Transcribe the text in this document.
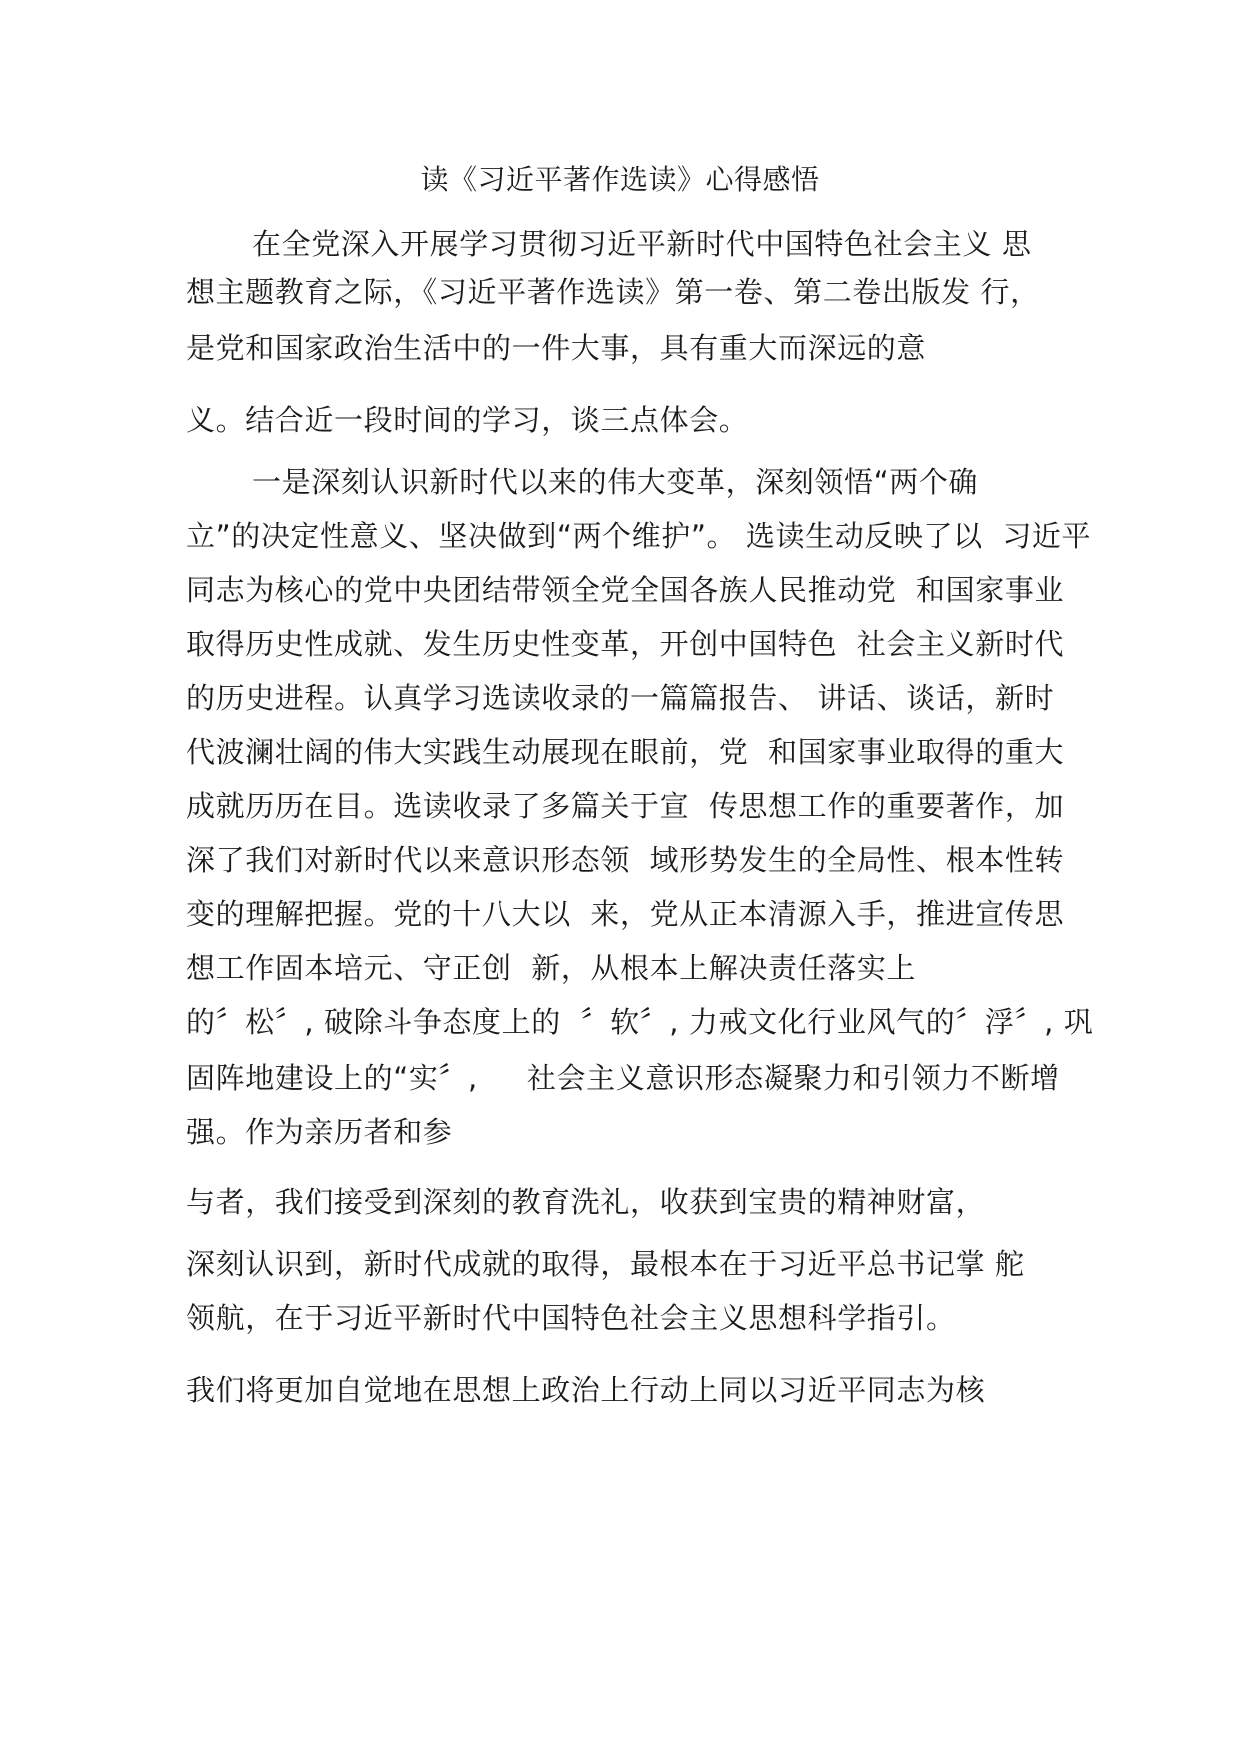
读《习近平著作选读》心得感悟
在全党深入开展学习贯彻习近平新时代中国特色社会主义 思
想主题教育之际，《习近平著作选读》第一卷、第二卷出版发 行，
是党和国家政治生活中的一件大事，具有重大而深远的意
义。结合近一段时间的学习，谈三点体会。
一是深刻认识新时代以来的伟大变革，深刻领悟“两个确
立”的决定性意义、坚决做到“两个维护”。 选读生动反映了以  习近平
同志为核心的党中央团结带领全党全国各族人民推动党  和国家事业
取得历史性成就、发生历史性变革，开创中国特色  社会主义新时代
的历史进程。认真学习选读收录的一篇篇报告、 讲话、谈话，新时
代波澜壮阔的伟大实践生动展现在眼前，党  和国家事业取得的重大
成就历历在目。选读收录了多篇关于宣  传思想工作的重要著作，加
深了我们对新时代以来意识形态领  域形势发生的全局性、根本性转
变的理解把握。党的十八大以  来，党从正本清源入手，推进宣传思
想工作固本培元、守正创  新，从根本上解决责任落实上
的〞松〞, 破除斗争态度上的  〞软〞, 力戒文化行业风气的〞浮〞, 巩
固阵地建设上的“实〞,     社会主义意识形态凝聚力和引领力不断增
强。作为亲历者和参
与者，我们接受到深刻的教育洗礼，收获到宝贵的精神财富，
深刻认识到，新时代成就的取得，最根本在于习近平总书记掌 舵
领航，在于习近平新时代中国特色社会主义思想科学指引。
我们将更加自觉地在思想上政治上行动上同以习近平同志为核
